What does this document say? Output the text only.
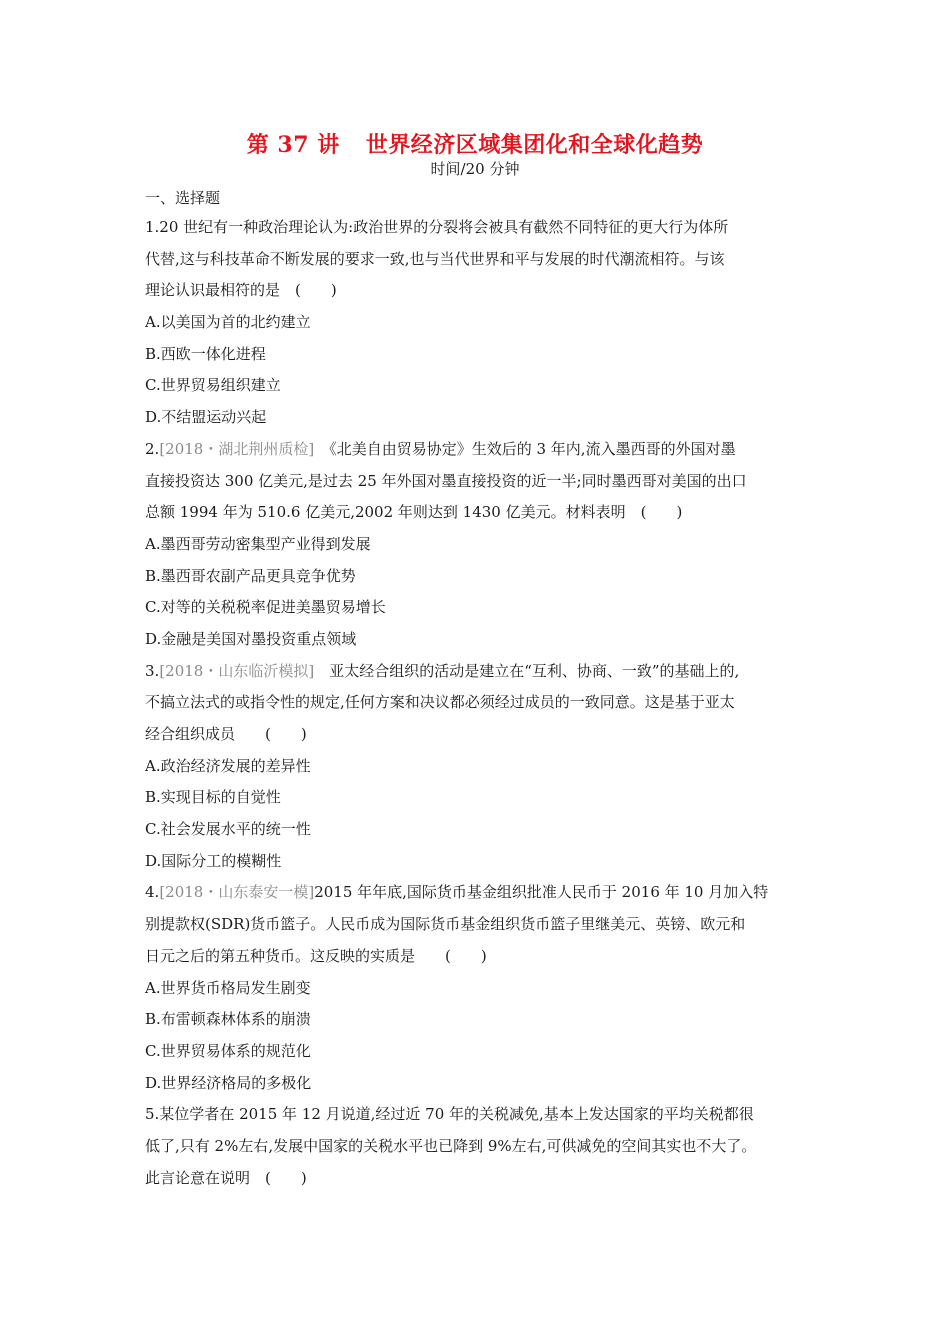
第 37 讲 世界经济区域集团化和全球化趋势
时间/20 分钟
一、选择题
1.20 世纪有一种政治理论认为:政治世界的分裂将会被具有截然不同特征的更大行为体所
代替,这与科技革命不断发展的要求一致,也与当代世界和平与发展的时代潮流相符。与该
理论认识最相符的是　(　　)
A.以美国为首的北约建立
B.西欧一体化进程
C.世界贸易组织建立
D.不结盟运动兴起
2.[2018・湖北荆州质检]　 《北美自由贸易协定》生效后的 3 年内,流入墨西哥的外国对墨
直接投资达 300 亿美元,是过去 25 年外国对墨直接投资的近一半;同时墨西哥对美国的出口
总额 1994 年为 510.6 亿美元,2002 年则达到 1430 亿美元。材料表明　(　　)
A.墨西哥劳动密集型产业得到发展
B.墨西哥农副产品更具竞争优势
C.对等的关税税率促进美墨贸易增长
D.金融是美国对墨投资重点领域
3.[2018・山东临沂模拟]　 亚太经合组织的活动是建立在“互利、协商、一致”的基础上的,
不搞立法式的或指令性的规定,任何方案和决议都必须经过成员的一致同意。这是基于亚太
经合组织成员　　(　　)
A.政治经济发展的差异性
B.实现目标的自觉性
C.社会发展水平的统一性
D.国际分工的模糊性
4.[2018・山东泰安一模]2015 年年底,国际货币基金组织批准人民币于 2016 年 10 月加入特
别提款权(SDR)货币篮子。人民币成为国际货币基金组织货币篮子里继美元、英镑、欧元和
日元之后的第五种货币。这反映的实质是　　(　　)
A.世界货币格局发生剧变
B.布雷顿森林体系的崩溃
C.世界贸易体系的规范化
D.世界经济格局的多极化
5.某位学者在 2015 年 12 月说道,经过近 70 年的关税减免,基本上发达国家的平均关税都很
低了,只有 2%左右,发展中国家的关税水平也已降到 9%左右,可供减免的空间其实也不大了。
此言论意在说明　(　　)
